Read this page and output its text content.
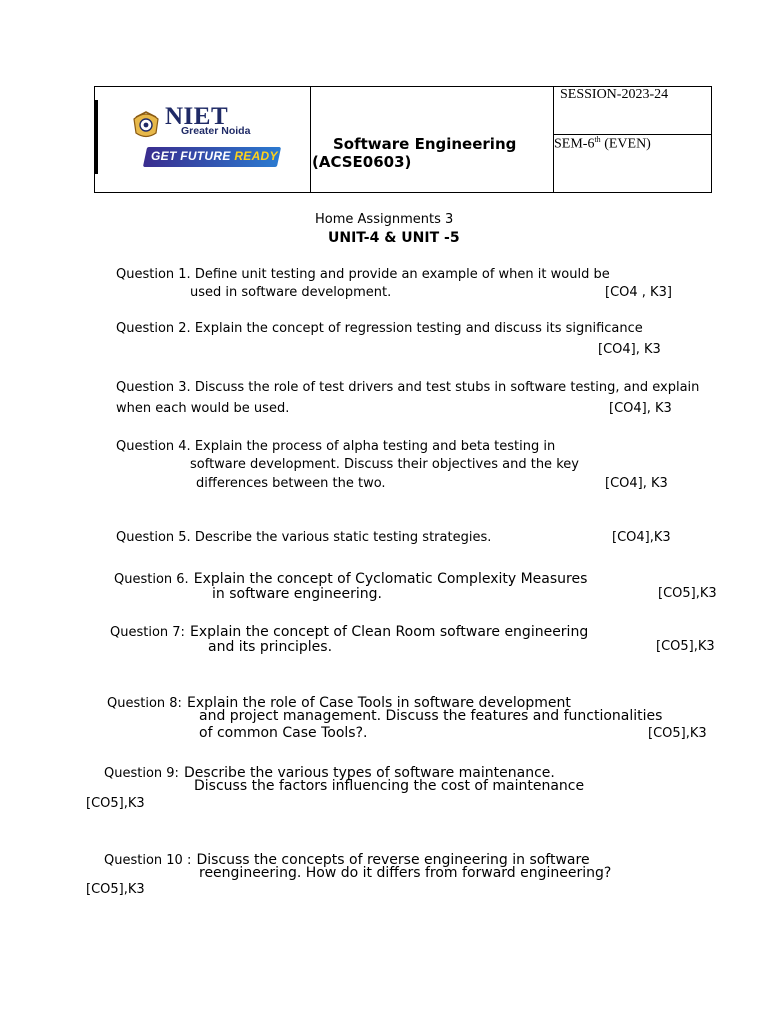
NIET
Greater Noida
GET FUTURE READY
Software Engineering
(ACSE0603)
SESSION-2023-24
SEM-6th (EVEN)
Home Assignments 3
UNIT-4 & UNIT -5
Question 1. Define unit testing and provide an example of when it would be
used in software development.	[CO4 , K3]
Question 2. Explain the concept of regression testing and discuss its significance
[CO4], K3
Question 3. Discuss the role of test drivers and test stubs in software testing, and explain
when each would be used.	[CO4], K3
Question 4. Explain the process of alpha testing and beta testing in
software development. Discuss their objectives and the key
differences between the two.	[CO4], K3
Question 5. Describe the various static testing strategies.	[CO4],K3
Question 6. Explain the concept of Cyclomatic Complexity Measures
in software engineering.	[CO5],K3
Question 7: Explain the concept of Clean Room software engineering
and its principles.	[CO5],K3
Question 8: Explain the role of Case Tools in software development
and project management. Discuss the features and functionalities
of common Case Tools?.	[CO5],K3
Question 9: Describe the various types of software maintenance.
Discuss the factors influencing the cost of maintenance
[CO5],K3
Question 10 : Discuss the concepts of reverse engineering in software
reengineering. How do it differs from forward engineering?
[CO5],K3
